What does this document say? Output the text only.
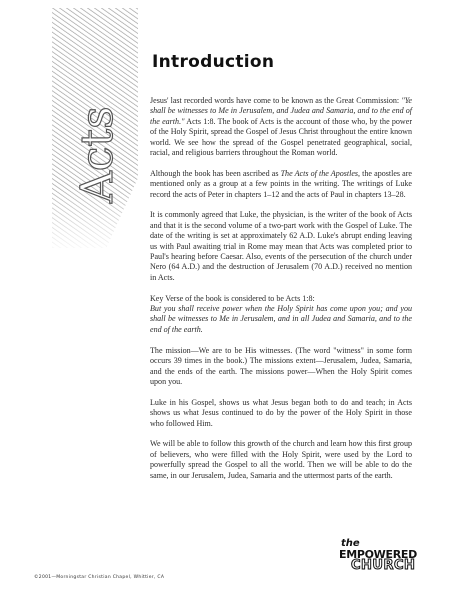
Acts
Introduction

Jesus' last recorded words have come to be known as the Great Commission: "Ye shall be witnesses to Me in Jerusalem, and Judea and Samaria, and to the end of the earth." Acts 1:8. The book of Acts is the account of those who, by the power of the Holy Spirit, spread the Gospel of Jesus Christ throughout the entire known world. We see how the spread of the Gospel penetrated geographical, social, racial, and religious barriers throughout the Roman world.

Although the book has been ascribed as The Acts of the Apostles, the apostles are mentioned only as a group at a few points in the writing. The writings of Luke record the acts of Peter in chapters 1–12 and the acts of Paul in chapters 13–28.

It is commonly agreed that Luke, the physician, is the writer of the book of Acts and that it is the second volume of a two-part work with the Gospel of Luke. The date of the writing is set at approximately 62 A.D. Luke's abrupt ending leaving us with Paul awaiting trial in Rome may mean that Acts was completed prior to Paul's hearing before Caesar. Also, events of the persecution of the church under Nero (64 A.D.) and the destruction of Jerusalem (70 A.D.) received no mention in Acts.

Key Verse of the book is considered to be Acts 1:8:
But you shall receive power when the Holy Spirit has come upon you; and you shall be witnesses to Me in Jerusalem, and in all Judea and Samaria, and to the end of the earth.

The mission—We are to be His witnesses. (The word "witness" in some form occurs 39 times in the book.) The missions extent—Jerusalem, Judea, Samaria, and the ends of the earth. The missions power—When the Holy Spirit comes upon you.

Luke in his Gospel, shows us what Jesus began both to do and teach; in Acts shows us what Jesus continued to do by the power of the Holy Spirit in those who followed Him.

We will be able to follow this growth of the church and learn how this first group of believers, who were filled with the Holy Spirit, were used by the Lord to powerfully spread the Gospel to all the world. Then we will be able to do the same, in our Jerusalem, Judea, Samaria and the uttermost parts of the earth.

the
EMPOWERED
CHURCH
©2001—Morningstar Christian Chapel, Whittier, CA
